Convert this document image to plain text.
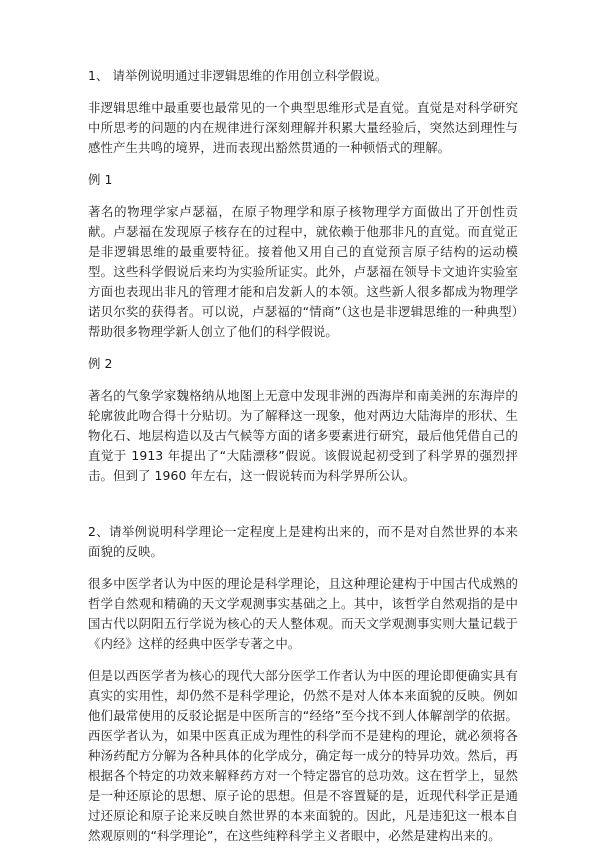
1、 请举例说明通过非逻辑思维的作用创立科学假说。

非逻辑思维中最重要也最常见的一个典型思维形式是直觉。直觉是对科学研究中所思考的问题的内在规律进行深刻理解并积累大量经验后，突然达到理性与感性产生共鸣的境界，进而表现出豁然贯通的一种顿悟式的理解。

例 1

著名的物理学家卢瑟福，在原子物理学和原子核物理学方面做出了开创性贡献。卢瑟福在发现原子核存在的过程中，就依赖于他那非凡的直觉。而直觉正是非逻辑思维的最重要特征。接着他又用自己的直觉预言原子结构的运动模型。这些科学假说后来均为实验所证实。此外，卢瑟福在领导卡文迪许实验室方面也表现出非凡的管理才能和启发新人的本领。这些新人很多都成为物理学诺贝尔奖的获得者。可以说，卢瑟福的“情商”（这也是非逻辑思维的一种典型）帮助很多物理学新人创立了他们的科学假说。

例 2

著名的气象学家魏格纳从地图上无意中发现非洲的西海岸和南美洲的东海岸的轮廓彼此吻合得十分贴切。为了解释这一现象，他对两边大陆海岸的形状、生物化石、地层构造以及古气候等方面的诸多要素进行研究，最后他凭借自己的直觉于 1913 年提出了“大陆漂移”假说。该假说起初受到了科学界的强烈抨击。但到了 1960 年左右，这一假说转而为科学界所公认。

2、请举例说明科学理论一定程度上是建构出来的，而不是对自然世界的本来面貌的反映。

很多中医学者认为中医的理论是科学理论，且这种理论建构于中国古代成熟的哲学自然观和精确的天文学观测事实基础之上。其中，该哲学自然观指的是中国古代以阴阳五行学说为核心的天人整体观。而天文学观测事实则大量记载于《内经》这样的经典中医学专著之中。

但是以西医学者为核心的现代大部分医学工作者认为中医的理论即便确实具有真实的实用性，却仍然不是科学理论，仍然不是对人体本来面貌的反映。例如他们最常使用的反驳论据是中医所言的“经络”至今找不到人体解剖学的依据。西医学者认为，如果中医真正成为理性的科学而不是建构的理论，就必须将各种汤药配方分解为各种具体的化学成分，确定每一成分的特异功效。然后，再根据各个特定的功效来解释药方对一个特定器官的总功效。这在哲学上，显然是一种还原论的思想、原子论的思想。但是不容置疑的是，近现代科学正是通过还原论和原子论来反映自然世界的本来面貌的。因此，凡是违犯这一根本自然观原则的“科学理论”，在这些纯粹科学主义者眼中，必然是建构出来的。
